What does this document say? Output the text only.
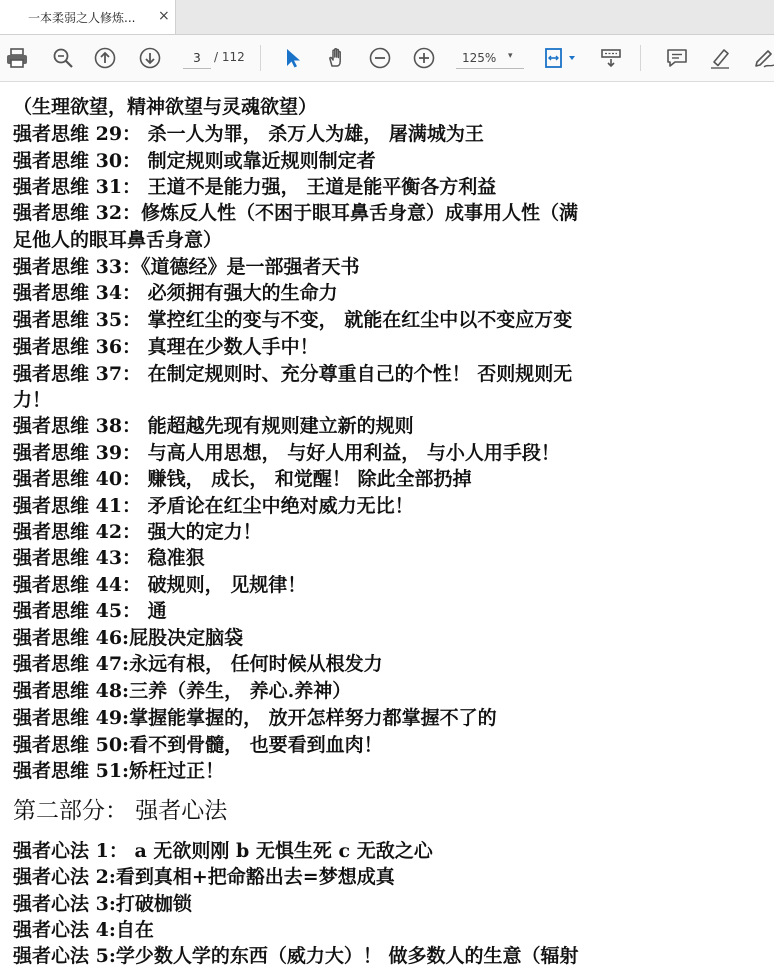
一本柔弱之人修炼...	×
3
/ 112	125% ▾
（生理欲望，精神欲望与灵魂欲望）
强者思维 29： 杀一人为罪， 杀万人为雄， 屠满城为王
强者思维 30： 制定规则或靠近规则制定者
强者思维 31： 王道不是能力强， 王道是能平衡各方利益
强者思维 32：修炼反人性（不困于眼耳鼻舌身意）成事用人性（满
足他人的眼耳鼻舌身意）
强者思维 33：《道德经》是一部强者天书
强者思维 34： 必须拥有强大的生命力
强者思维 35： 掌控红尘的变与不变， 就能在红尘中以不变应万变
强者思维 36： 真理在少数人手中！
强者思维 37： 在制定规则时、充分尊重自己的个性！ 否则规则无
力！
强者思维 38： 能超越先现有规则建立新的规则
强者思维 39： 与高人用思想， 与好人用利益， 与小人用手段！
强者思维 40： 赚钱， 成长， 和觉醒！ 除此全部扔掉
强者思维 41： 矛盾论在红尘中绝对威力无比！
强者思维 42： 强大的定力！
强者思维 43： 稳准狠
强者思维 44： 破规则， 见规律！
强者思维 45： 通
强者思维 46:屁股决定脑袋
强者思维 47:永远有根， 任何时候从根发力
强者思维 48:三养（养生， 养心.养神）
强者思维 49:掌握能掌握的， 放开怎样努力都掌握不了的
强者思维 50:看不到骨髓， 也要看到血肉！
强者思维 51:矫枉过正！
第二部分： 强者心法
强者心法 1： a 无欲则刚 b 无惧生死 c 无敌之心
强者心法 2:看到真相+把命豁出去=梦想成真
强者心法 3:打破枷锁
强者心法 4:自在
强者心法 5:学少数人学的东西（威力大）！ 做多数人的生意（辐射
